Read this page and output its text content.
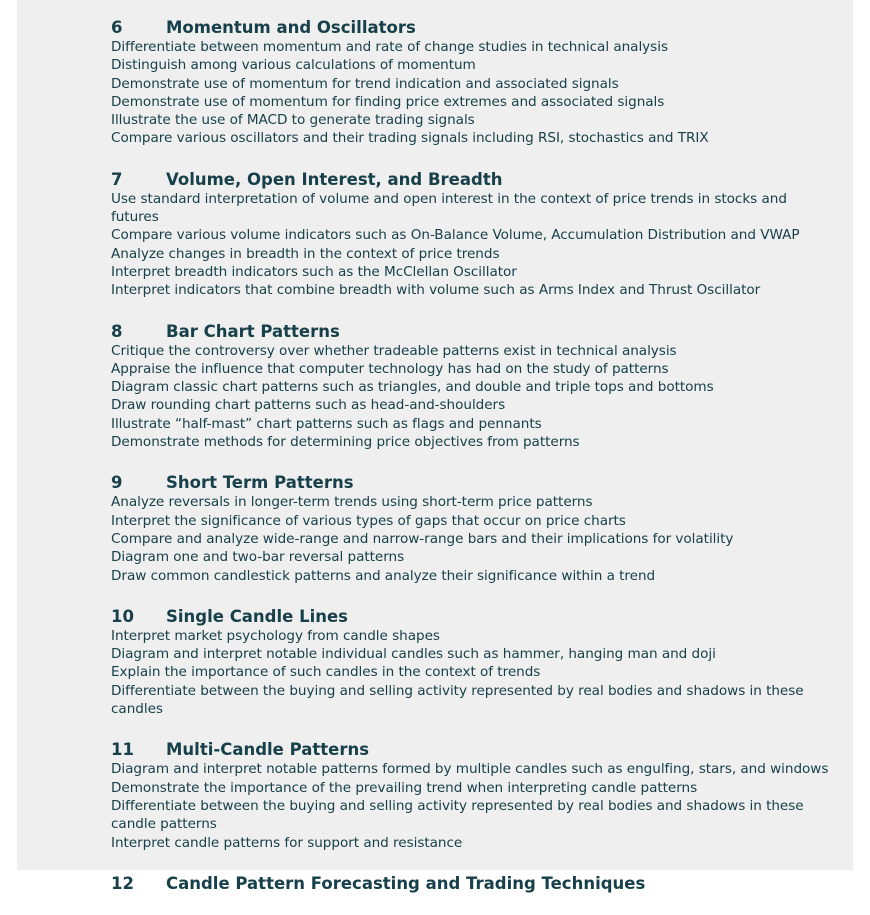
6	Momentum and Oscillators
Differentiate between momentum and rate of change studies in technical analysis
Distinguish among various calculations of momentum
Demonstrate use of momentum for trend indication and associated signals
Demonstrate use of momentum for finding price extremes and associated signals
Illustrate the use of MACD to generate trading signals
Compare various oscillators and their trading signals including RSI, stochastics and TRIX
7	Volume, Open Interest, and Breadth
Use standard interpretation of volume and open interest in the context of price trends in stocks and futures
Compare various volume indicators such as On-Balance Volume, Accumulation Distribution and VWAP
Analyze changes in breadth in the context of price trends
Interpret breadth indicators such as the McClellan Oscillator
Interpret indicators that combine breadth with volume such as Arms Index and Thrust Oscillator
8	Bar Chart Patterns
Critique the controversy over whether tradeable patterns exist in technical analysis
Appraise the influence that computer technology has had on the study of patterns
Diagram classic chart patterns such as triangles, and double and triple tops and bottoms
Draw rounding chart patterns such as head-and-shoulders
Illustrate “half-mast” chart patterns such as flags and pennants
Demonstrate methods for determining price objectives from patterns
9	Short Term Patterns
Analyze reversals in longer-term trends using short-term price patterns
Interpret the significance of various types of gaps that occur on price charts
Compare and analyze wide-range and narrow-range bars and their implications for volatility
Diagram one and two-bar reversal patterns
Draw common candlestick patterns and analyze their significance within a trend
10	Single Candle Lines
Interpret market psychology from candle shapes
Diagram and interpret notable individual candles such as hammer, hanging man and doji
Explain the importance of such candles in the context of trends
Differentiate between the buying and selling activity represented by real bodies and shadows in these candles
11	Multi-Candle Patterns
Diagram and interpret notable patterns formed by multiple candles such as engulfing, stars, and windows
Demonstrate the importance of the prevailing trend when interpreting candle patterns
Differentiate between the buying and selling activity represented by real bodies and shadows in these candle patterns
Interpret candle patterns for support and resistance
12	Candle Pattern Forecasting and Trading Techniques
